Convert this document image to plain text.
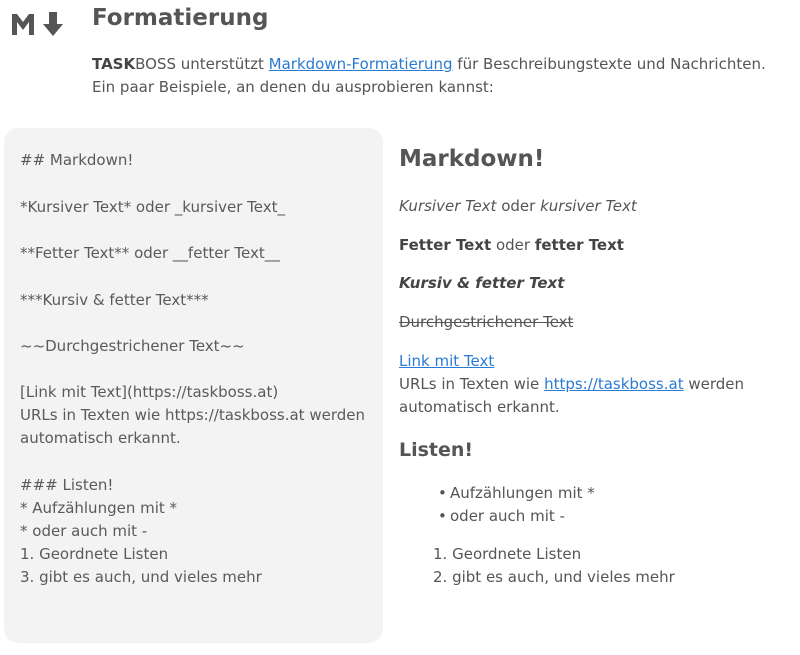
Formatierung
TASKBOSS unterstützt Markdown-Formatierung für Beschreibungstexte und Nachrichten.
Ein paar Beispiele, an denen du ausprobieren kannst:
## Markdown!
*Kursiver Text* oder _kursiver Text_
**Fetter Text** oder __fetter Text__
***Kursiv & fetter Text***
~~Durchgestrichener Text~~
[Link mit Text](https://taskboss.at)
URLs in Texten wie https://taskboss.at werden
automatisch erkannt.
### Listen!
* Aufzählungen mit *
* oder auch mit -
1. Geordnete Listen
3. gibt es auch, und vieles mehr
Markdown!
Kursiver Text oder kursiver Text
Fetter Text oder fetter Text
Kursiv & fetter Text
Durchgestrichener Text
Link mit Text
URLs in Texten wie https://taskboss.at werden
automatisch erkannt.
Listen!
• Aufzählungen mit *
• oder auch mit -
1. Geordnete Listen
2. gibt es auch, und vieles mehr
